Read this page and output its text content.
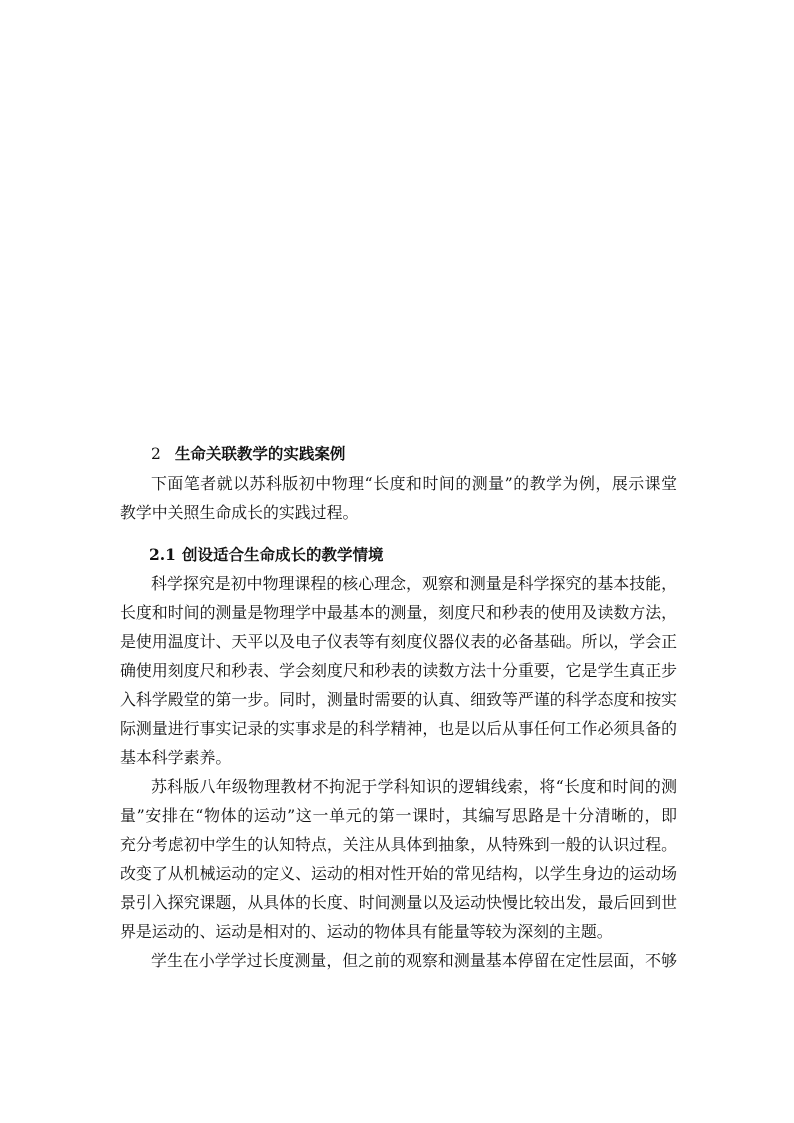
2 生命关联教学的实践案例

下面笔者就以苏科版初中物理“长度和时间的测量”的教学为例，展示课堂
教学中关照生命成长的实践过程。

2.1 创设适合生命成长的教学情境

科学探究是初中物理课程的核心理念，观察和测量是科学探究的基本技能，
长度和时间的测量是物理学中最基本的测量，刻度尺和秒表的使用及读数方法，
是使用温度计、天平以及电子仪表等有刻度仪器仪表的必备基础。所以，学会正
确使用刻度尺和秒表、学会刻度尺和秒表的读数方法十分重要，它是学生真正步
入科学殿堂的第一步。同时，测量时需要的认真、细致等严谨的科学态度和按实
际测量进行事实记录的实事求是的科学精神，也是以后从事任何工作必须具备的
基本科学素养。

苏科版八年级物理教材不拘泥于学科知识的逻辑线索，将“长度和时间的测
量”安排在“物体的运动”这一单元的第一课时，其编写思路是十分清晰的，即
充分考虑初中学生的认知特点，关注从具体到抽象，从特殊到一般的认识过程。
改变了从机械运动的定义、运动的相对性开始的常见结构，以学生身边的运动场
景引入探究课题，从具体的长度、时间测量以及运动快慢比较出发，最后回到世
界是运动的、运动是相对的、运动的物体具有能量等较为深刻的主题。

学生在小学学过长度测量，但之前的观察和测量基本停留在定性层面，不够
